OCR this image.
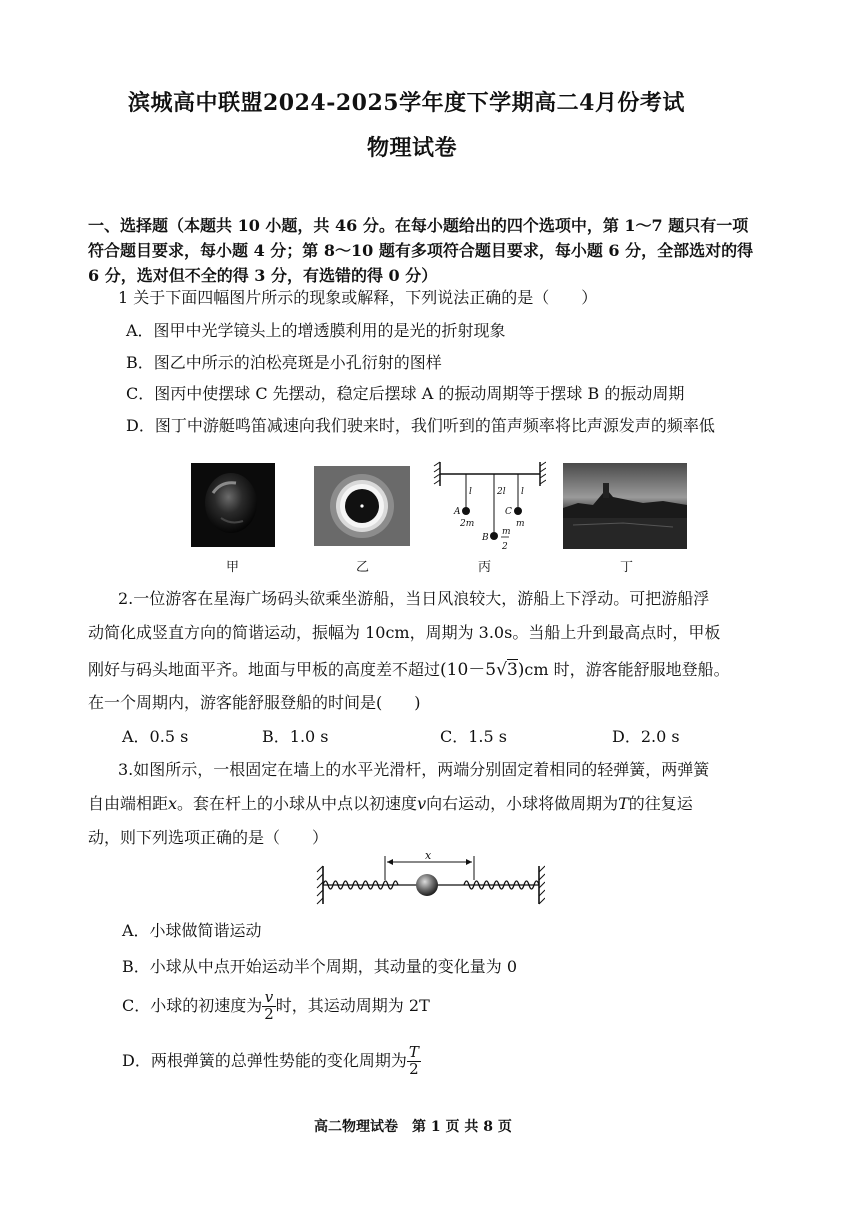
滨城高中联盟2024-2025学年度下学期高二4月份考试
物理试卷
一、选择题（本题共 10 小题，共 46 分。在每小题给出的四个选项中，第 1～7 题只有一项符合题目要求，每小题 4 分；第 8～10 题有多项符合题目要求，每小题 6 分，全部选对的得 6 分，选对但不全的得 3 分，有选错的得 0 分）
1 关于下面四幅图片所示的现象或解释，下列说法正确的是（　　）
A．图甲中光学镜头上的增透膜利用的是光的折射现象
B．图乙中所示的泊松亮斑是小孔衍射的图样
C．图丙中使摆球 C 先摆动，稳定后摆球 A 的振动周期等于摆球 B 的振动周期
D．图丁中游艇鸣笛减速向我们驶来时，我们听到的笛声频率将比声源发声的频率低
甲	乙
l	2l l
A
2m
B
m
2
C
m
丙	丁
2.一位游客在星海广场码头欲乘坐游船，当日风浪较大，游船上下浮动。可把游船浮
动简化成竖直方向的简谐运动，振幅为 10cm，周期为 3.0s。当船上升到最高点时，甲板
刚好与码头地面平齐。地面与甲板的高度差不超过(10－5√3)cm 时，游客能舒服地登船。
在一个周期内，游客能舒服登船的时间是(　　)
A．0.5 s	B．1.0 s	C．1.5 s	D．2.0 s
3.如图所示，一根固定在墙上的水平光滑杆，两端分别固定着相同的轻弹簧，两弹簧
自由端相距x。套在杆上的小球从中点以初速度v向右运动，小球将做周期为T的往复运
动，则下列选项正确的是（　　）
x
A．小球做简谐运动
B．小球从中点开始运动半个周期，其动量的变化量为 0
C．小球的初速度为 $\frac{v}{2}$ 时，其运动周期为 2T
D．两根弹簧的总弹性势能的变化周期为 $\frac{T}{2}$
高二物理试卷　第 1 页 共 8 页
